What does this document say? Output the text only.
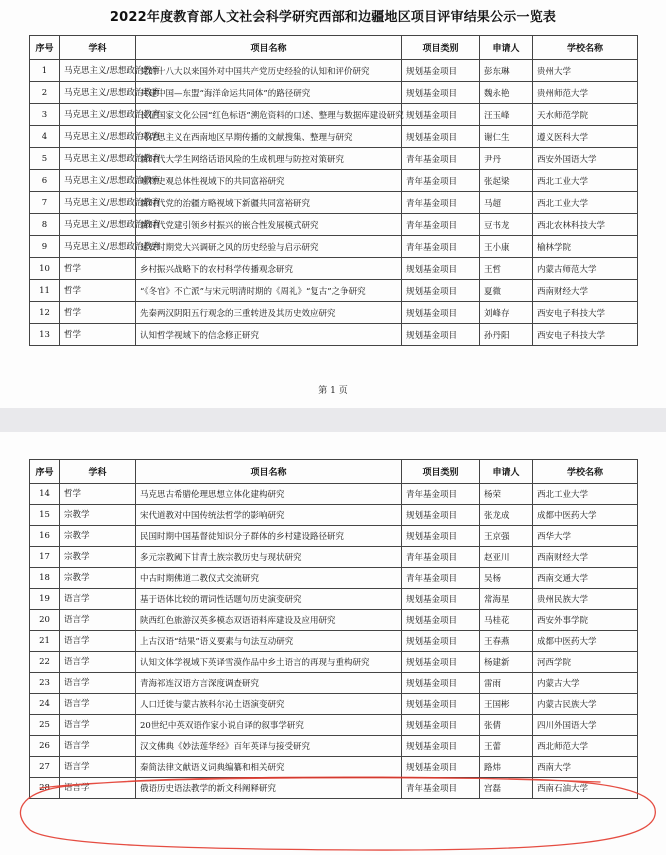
2022年度教育部人文社会科学研究西部和边疆地区项目评审结果公示一览表
序号	学科	项目名称	项目类别	申请人	学校名称
1	马克思主义/思想政治教育	党的十八大以来国外对中国共产党历史经验的认知和评价研究	规划基金项目	彭东琳	贵州大学
2	马克思主义/思想政治教育	共建中国—东盟“海洋命运共同体”的路径研究	规划基金项目	魏永艳	贵州师范大学
3	马克思主义/思想政治教育	长征国家文化公园“红色标语”溯危资料的口述、整理与数据库建设研究	规划基金项目	汪玉峰	天水师范学院
4	马克思主义/思想政治教育	马克思主义在西南地区早期传播的文献搜集、整理与研究	规划基金项目	谢仁生	遵义医科大学
5	马克思主义/思想政治教育	新时代大学生网络话语风险的生成机理与防控对策研究	青年基金项目	尹丹	西安外国语大学
6	马克思主义/思想政治教育	唯物史观总体性视域下的共同富裕研究	青年基金项目	张起梁	西北工业大学
7	马克思主义/思想政治教育	新时代党的治疆方略视域下新疆共同富裕研究	青年基金项目	马超	西北工业大学
8	马克思主义/思想政治教育	新时代党建引领乡村振兴的嵌合性发展模式研究	青年基金项目	豆书龙	西北农林科技大学
9	马克思主义/思想政治教育	延安时期党大兴调研之风的历史经验与启示研究	青年基金项目	王小康	榆林学院
10	哲学	乡村振兴战略下的农村科学传播观念研究	规划基金项目	王哲	内蒙古师范大学
11	哲学	“《冬官》不亡派”与宋元明清时期的《周礼》“复古”之争研究	规划基金项目	夏微	西南财经大学
12	哲学	先秦两汉阴阳五行观念的三重转进及其历史效应研究	规划基金项目	刘峰存	西安电子科技大学
13	哲学	认知哲学视域下的信念修正研究	规划基金项目	孙丹阳	西安电子科技大学
第 1 页
序号	学科	项目名称	项目类别	申请人	学校名称
14	哲学	马克思古希腊伦理思想立体化建构研究	青年基金项目	杨荣	西北工业大学
15	宗教学	宋代道教对中国传统法哲学的影响研究	规划基金项目	张龙成	成都中医药大学
16	宗教学	民国时期中国基督徒知识分子群体的乡村建设路径研究	规划基金项目	王京强	西华大学
17	宗教学	多元宗教阈下甘青土族宗教历史与现状研究	青年基金项目	赵亚川	西南财经大学
18	宗教学	中古时期佛道二教仪式交流研究	青年基金项目	吴杨	西南交通大学
19	语言学	基于语体比较的谓词性话题句历史演变研究	规划基金项目	常海星	贵州民族大学
20	语言学	陕西红色旅游汉英多模态双语语料库建设及应用研究	规划基金项目	马桂花	西安外事学院
21	语言学	上古汉语“结果”语义要素与句法互动研究	规划基金项目	王春燕	成都中医药大学
22	语言学	认知文体学视域下英译雪漠作品中乡土语言的再现与重构研究	规划基金项目	杨建新	河西学院
23	语言学	青海祁连汉语方言深度调查研究	规划基金项目	雷雨	内蒙古大学
24	语言学	人口迁徙与蒙古族科尔沁土语演变研究	规划基金项目	王国彬	内蒙古民族大学
25	语言学	20世纪中英双语作家小说自译的叙事学研究	规划基金项目	张倩	四川外国语大学
26	语言学	汉文佛典《妙法莲华经》百年英译与接受研究	规划基金项目	王蕾	西北师范大学
27	语言学	秦简法律文献语义词典编纂和相关研究	规划基金项目	路炜	西南大学
28	语言学	俄语历史语法教学的新文科阐释研究	青年基金项目	宫磊	西南石油大学
